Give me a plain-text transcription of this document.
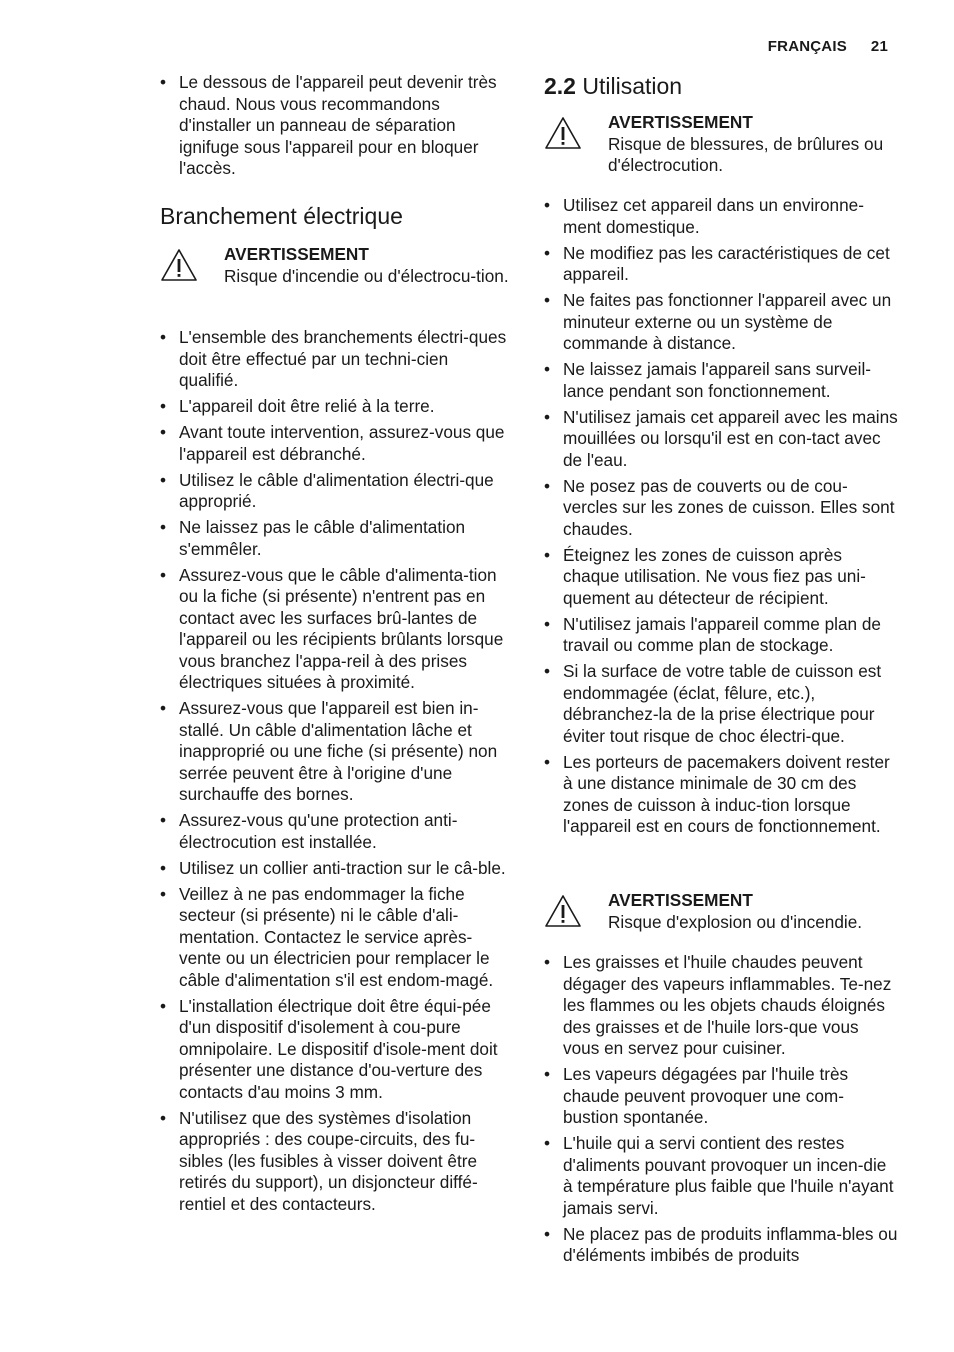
FRANÇAIS 21
• Le dessous de l'appareil peut devenir très chaud. Nous vous recommandons d'installer un panneau de séparation ignifuge sous l'appareil pour en bloquer l'accès.
Branchement électrique
AVERTISSEMENT
Risque d'incendie ou d'électrocu-tion.
• L'ensemble des branchements électri-ques doit être effectué par un techni-cien qualifié.
• L'appareil doit être relié à la terre.
• Avant toute intervention, assurez-vous que l'appareil est débranché.
• Utilisez le câble d'alimentation électri-que approprié.
• Ne laissez pas le câble d'alimentation s'emmêler.
• Assurez-vous que le câble d'alimenta-tion ou la fiche (si présente) n'entrent pas en contact avec les surfaces brû-lantes de l'appareil ou les récipients brûlants lorsque vous branchez l'appa-reil à des prises électriques situées à proximité.
• Assurez-vous que l'appareil est bien in-stallé. Un câble d'alimentation lâche et inapproprié ou une fiche (si présente) non serrée peuvent être à l'origine d'une surchauffe des bornes.
• Assurez-vous qu'une protection anti-électrocution est installée.
• Utilisez un collier anti-traction sur le câ-ble.
• Veillez à ne pas endommager la fiche secteur (si présente) ni le câble d'ali-mentation. Contactez le service après-vente ou un électricien pour remplacer le câble d'alimentation s'il est endom-magé.
• L'installation électrique doit être équi-pée d'un dispositif d'isolement à cou-pure omnipolaire. Le dispositif d'isole-ment doit présenter une distance d'ou-verture des contacts d'au moins 3 mm.
• N'utilisez que des systèmes d'isolation appropriés : des coupe-circuits, des fu-sibles (les fusibles à visser doivent être retirés du support), un disjoncteur diffé-rentiel et des contacteurs.
2.2 Utilisation
AVERTISSEMENT
Risque de blessures, de brûlures ou d'électrocution.
• Utilisez cet appareil dans un environne-ment domestique.
• Ne modifiez pas les caractéristiques de cet appareil.
• Ne faites pas fonctionner l'appareil avec un minuteur externe ou un système de commande à distance.
• Ne laissez jamais l'appareil sans surveil-lance pendant son fonctionnement.
• N'utilisez jamais cet appareil avec les mains mouillées ou lorsqu'il est en con-tact avec de l'eau.
• Ne posez pas de couverts ou de cou-vercles sur les zones de cuisson. Elles sont chaudes.
• Éteignez les zones de cuisson après chaque utilisation. Ne vous fiez pas uni-quement au détecteur de récipient.
• N'utilisez jamais l'appareil comme plan de travail ou comme plan de stockage.
• Si la surface de votre table de cuisson est endommagée (éclat, fêlure, etc.), débranchez-la de la prise électrique pour éviter tout risque de choc électri-que.
• Les porteurs de pacemakers doivent rester à une distance minimale de 30 cm des zones de cuisson à induc-tion lorsque l'appareil est en cours de fonctionnement.
AVERTISSEMENT
Risque d'explosion ou d'incendie.
• Les graisses et l'huile chaudes peuvent dégager des vapeurs inflammables. Te-nez les flammes ou les objets chauds éloignés des graisses et de l'huile lors-que vous vous en servez pour cuisiner.
• Les vapeurs dégagées par l'huile très chaude peuvent provoquer une com-bustion spontanée.
• L'huile qui a servi contient des restes d'aliments pouvant provoquer un incen-die à température plus faible que l'huile n'ayant jamais servi.
• Ne placez pas de produits inflamma-bles ou d'éléments imbibés de produits
